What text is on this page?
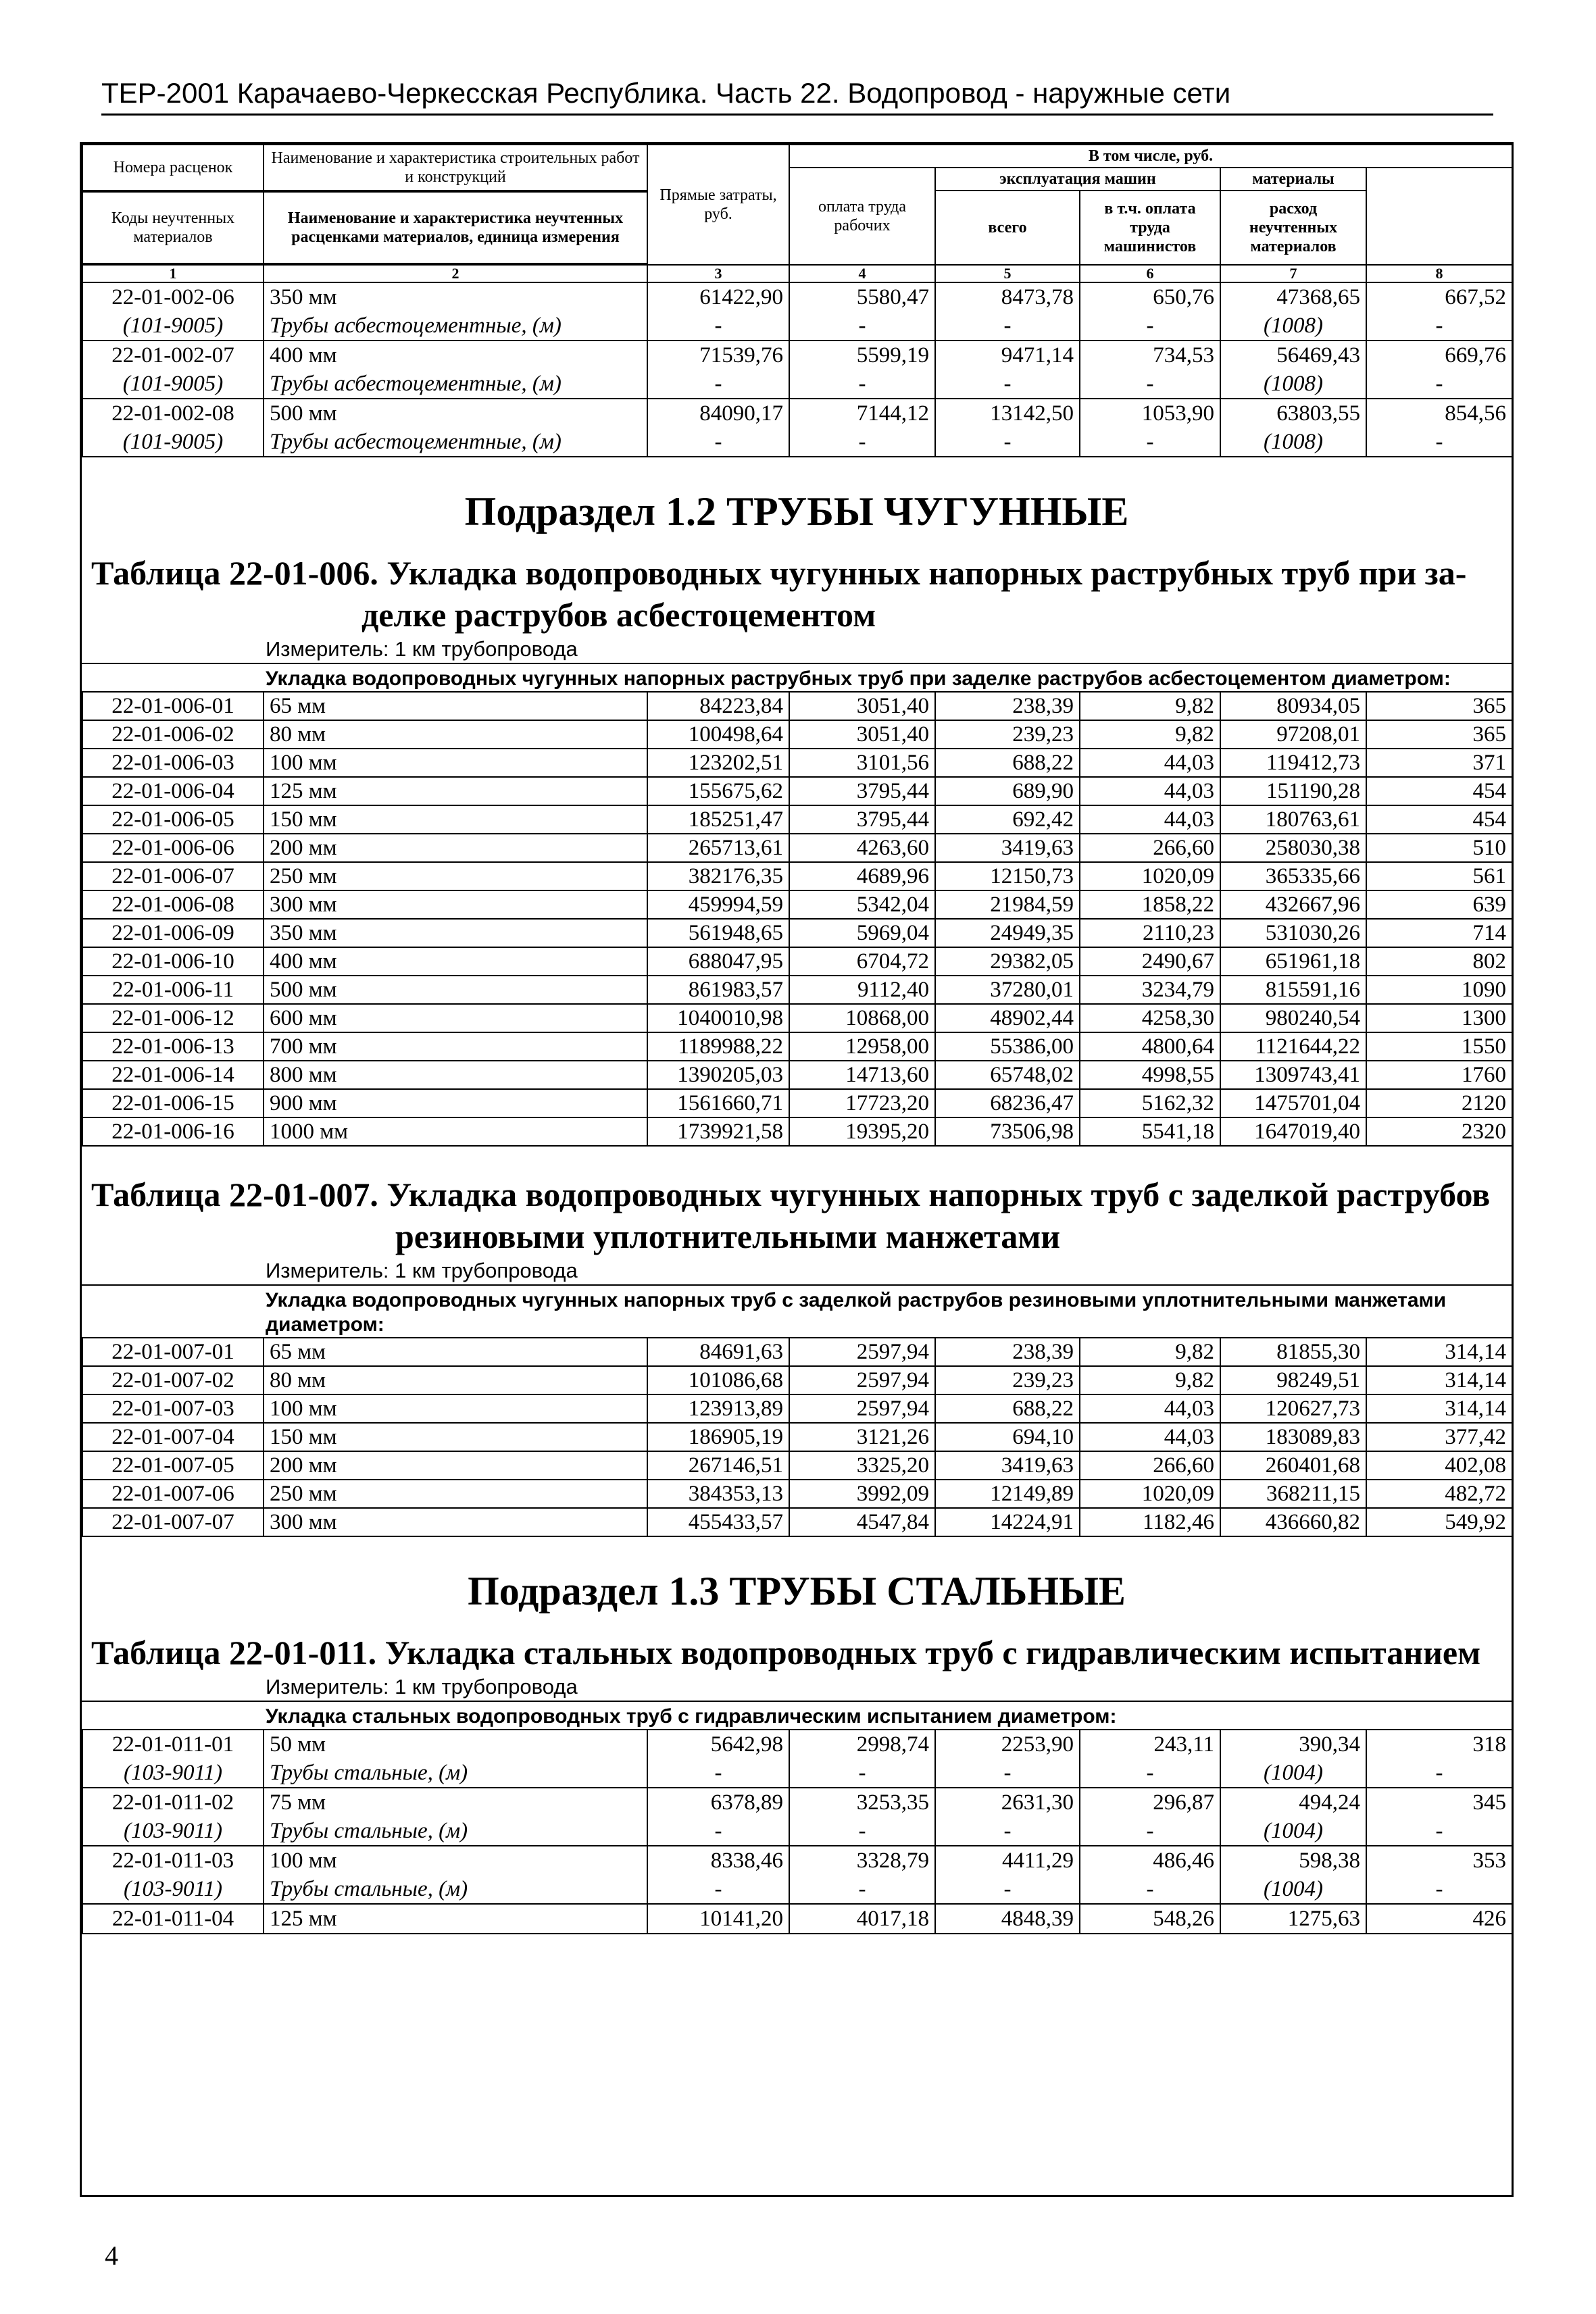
ТЕР-2001 Карачаево-Черкесская Республика. Часть 22. Водопровод - наружные сети
Номера расценок	Наименование и характеристика строительных работ и конструкций	Прямые затраты, руб.	В том числе, руб.	
			оплата труда рабочих	эксплуатация машин		материалы		
				всего	в т.ч. оплата труда машинистов	расход неучтенных материалов		

Коды неучтенных материалов	Наименование и характеристика неучтенных расценками материалов, единица измерения							

1	2	3	4	5	6	7	8	
22-01-002-06	350 мм	61422,90	5580,47	8473,78	650,76	47368,65	667,52	
(101-9005)	Трубы асбестоцементные, (м)	-	-	-	-	(1008)	-	
22-01-002-07	400 мм	71539,76	5599,19	9471,14	734,53	56469,43	669,76	
(101-9005)	Трубы асбестоцементные, (м)	-	-	-	-	(1008)	-	
22-01-002-08	500 мм	84090,17	7144,12	13142,50	1053,90	63803,55	854,56	
(101-9005)	Трубы асбестоцементные, (м)	-	-	-	-	(1008)	-	
Подраздел 1.2 ТРУБЫ ЧУГУННЫЕ
Таблица 22-01-006. Укладка водопроводных чугунных напорных раструбных труб при за-
делке раструбов асбестоцементом
Измеритель: 1 км трубопровода
Укладка водопроводных чугунных напорных раструбных труб при заделке раструбов асбестоцементом диаметром:
22-01-006-01	65 мм	84223,84	3051,40	238,39	9,82	80934,05	365
22-01-006-02	80 мм	100498,64	3051,40	239,23	9,82	97208,01	365
22-01-006-03	100 мм	123202,51	3101,56	688,22	44,03	119412,73	371
22-01-006-04	125 мм	155675,62	3795,44	689,90	44,03	151190,28	454
22-01-006-05	150 мм	185251,47	3795,44	692,42	44,03	180763,61	454
22-01-006-06	200 мм	265713,61	4263,60	3419,63	266,60	258030,38	510
22-01-006-07	250 мм	382176,35	4689,96	12150,73	1020,09	365335,66	561
22-01-006-08	300 мм	459994,59	5342,04	21984,59	1858,22	432667,96	639
22-01-006-09	350 мм	561948,65	5969,04	24949,35	2110,23	531030,26	714
22-01-006-10	400 мм	688047,95	6704,72	29382,05	2490,67	651961,18	802
22-01-006-11	500 мм	861983,57	9112,40	37280,01	3234,79	815591,16	1090
22-01-006-12	600 мм	1040010,98	10868,00	48902,44	4258,30	980240,54	1300
22-01-006-13	700 мм	1189988,22	12958,00	55386,00	4800,64	1121644,22	1550
22-01-006-14	800 мм	1390205,03	14713,60	65748,02	4998,55	1309743,41	1760
22-01-006-15	900 мм	1561660,71	17723,20	68236,47	5162,32	1475701,04	2120
22-01-006-16	1000 мм	1739921,58	19395,20	73506,98	5541,18	1647019,40	2320
Таблица 22-01-007. Укладка водопроводных чугунных напорных труб с заделкой раструбов
резиновыми уплотнительными манжетами
Измеритель: 1 км трубопровода
Укладка водопроводных чугунных напорных труб с заделкой раструбов резиновыми уплотнительными манжетами диаметром:
22-01-007-01	65 мм	84691,63	2597,94	238,39	9,82	81855,30	314,14
22-01-007-02	80 мм	101086,68	2597,94	239,23	9,82	98249,51	314,14
22-01-007-03	100 мм	123913,89	2597,94	688,22	44,03	120627,73	314,14
22-01-007-04	150 мм	186905,19	3121,26	694,10	44,03	183089,83	377,42
22-01-007-05	200 мм	267146,51	3325,20	3419,63	266,60	260401,68	402,08
22-01-007-06	250 мм	384353,13	3992,09	12149,89	1020,09	368211,15	482,72
22-01-007-07	300 мм	455433,57	4547,84	14224,91	1182,46	436660,82	549,92
Подраздел 1.3 ТРУБЫ СТАЛЬНЫЕ
Таблица 22-01-011. Укладка стальных водопроводных труб с гидравлическим испытанием
Измеритель: 1 км трубопровода
Укладка стальных водопроводных труб с гидравлическим испытанием диаметром:
22-01-011-01	50 мм	5642,98	2998,74	2253,90	243,11	390,34	318
(103-9011)	Трубы стальные, (м)	-	-	-	-	(1004)	-
22-01-011-02	75 мм	6378,89	3253,35	2631,30	296,87	494,24	345
(103-9011)	Трубы стальные, (м)	-	-	-	-	(1004)	-
22-01-011-03	100 мм	8338,46	3328,79	4411,29	486,46	598,38	353
(103-9011)	Трубы стальные, (м)	-	-	-	-	(1004)	-
22-01-011-04	125 мм	10141,20	4017,18	4848,39	548,26	1275,63	426
4
